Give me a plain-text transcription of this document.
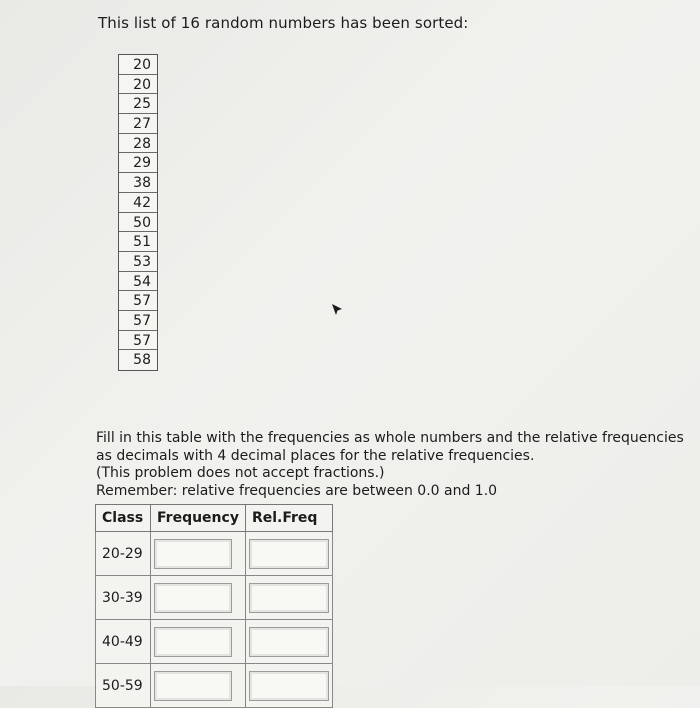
This list of 16 random numbers has been sorted:
20
20
25
27
28
29
38
42
50
51
53
54
57
57
57
58
Fill in this table with the frequencies as whole numbers and the relative frequencies
as decimals with 4 decimal places for the relative frequencies.
(This problem does not accept fractions.)
Remember: relative frequencies are between 0.0 and 1.0
Class	Frequency	Rel.Freq
20-29		
30-39		
40-49		
50-59		
